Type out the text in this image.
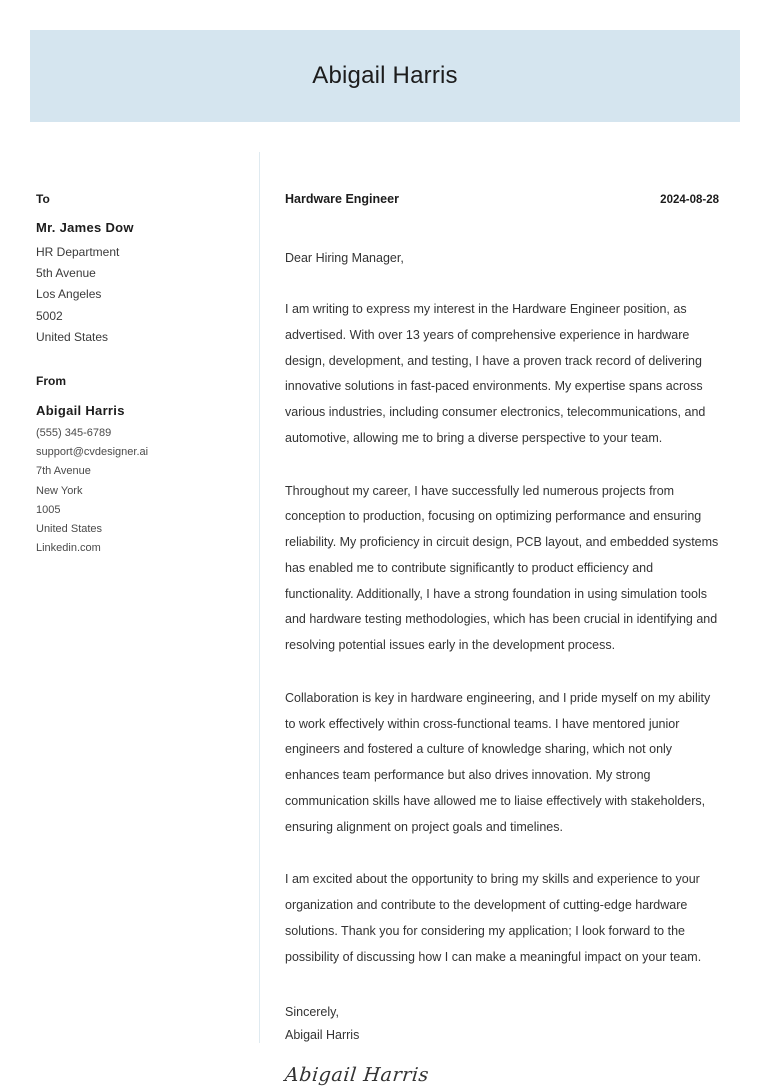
Abigail Harris
To
Mr. James Dow
HR Department
5th Avenue
Los Angeles
5002
United States
From
Abigail Harris
(555) 345-6789
support@cvdesigner.ai
7th Avenue
New York
1005
United States
Linkedin.com
Hardware Engineer	2024-08-28
Dear Hiring Manager,

I am writing to express my interest in the Hardware Engineer position, as advertised. With over 13 years of comprehensive experience in hardware design, development, and testing, I have a proven track record of delivering innovative solutions in fast-paced environments. My expertise spans across various industries, including consumer electronics, telecommunications, and automotive, allowing me to bring a diverse perspective to your team.

Throughout my career, I have successfully led numerous projects from conception to production, focusing on optimizing performance and ensuring reliability. My proficiency in circuit design, PCB layout, and embedded systems has enabled me to contribute significantly to product efficiency and functionality. Additionally, I have a strong foundation in using simulation tools and hardware testing methodologies, which has been crucial in identifying and resolving potential issues early in the development process.

Collaboration is key in hardware engineering, and I pride myself on my ability to work effectively within cross-functional teams. I have mentored junior engineers and fostered a culture of knowledge sharing, which not only enhances team performance but also drives innovation. My strong communication skills have allowed me to liaise effectively with stakeholders, ensuring alignment on project goals and timelines.

I am excited about the opportunity to bring my skills and experience to your organization and contribute to the development of cutting-edge hardware solutions. Thank you for considering my application; I look forward to the possibility of discussing how I can make a meaningful impact on your team.

Sincerely,
Abigail Harris
Abigail Harris
